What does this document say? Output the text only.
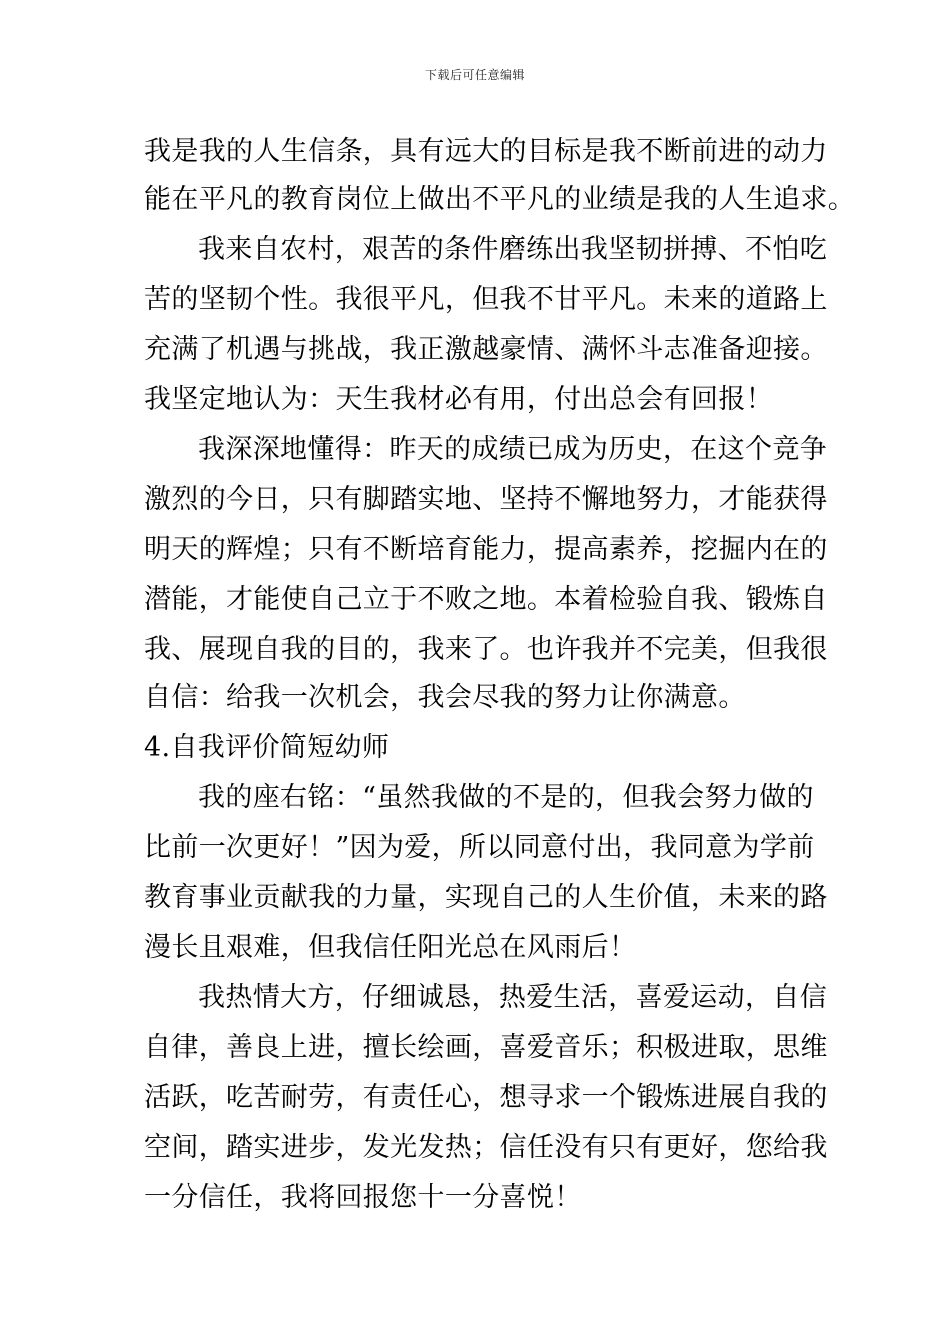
下载后可任意编辑
我是我的人生信条，具有远大的目标是我不断前进的动力
能在平凡的教育岗位上做出不平凡的业绩是我的人生追求。
我来自农村，艰苦的条件磨练出我坚韧拼搏、不怕吃
苦的坚韧个性。我很平凡，但我不甘平凡。未来的道路上
充满了机遇与挑战，我正激越豪情、满怀斗志准备迎接。
我坚定地认为：天生我材必有用，付出总会有回报！
我深深地懂得：昨天的成绩已成为历史，在这个竞争
激烈的今日，只有脚踏实地、坚持不懈地努力，才能获得
明天的辉煌；只有不断培育能力，提高素养，挖掘内在的
潜能，才能使自己立于不败之地。本着检验自我、锻炼自
我、展现自我的目的，我来了。也许我并不完美，但我很
自信：给我一次机会，我会尽我的努力让你满意。
4.自我评价简短幼师
我的座右铭：“虽然我做的不是的，但我会努力做的
比前一次更好！”因为爱，所以同意付出，我同意为学前
教育事业贡献我的力量，实现自己的人生价值，未来的路
漫长且艰难，但我信任阳光总在风雨后！
我热情大方，仔细诚恳，热爱生活，喜爱运动，自信
自律，善良上进，擅长绘画，喜爱音乐；积极进取，思维
活跃，吃苦耐劳，有责任心，想寻求一个锻炼进展自我的
空间，踏实进步，发光发热；信任没有只有更好，您给我
一分信任，我将回报您十一分喜悦！
